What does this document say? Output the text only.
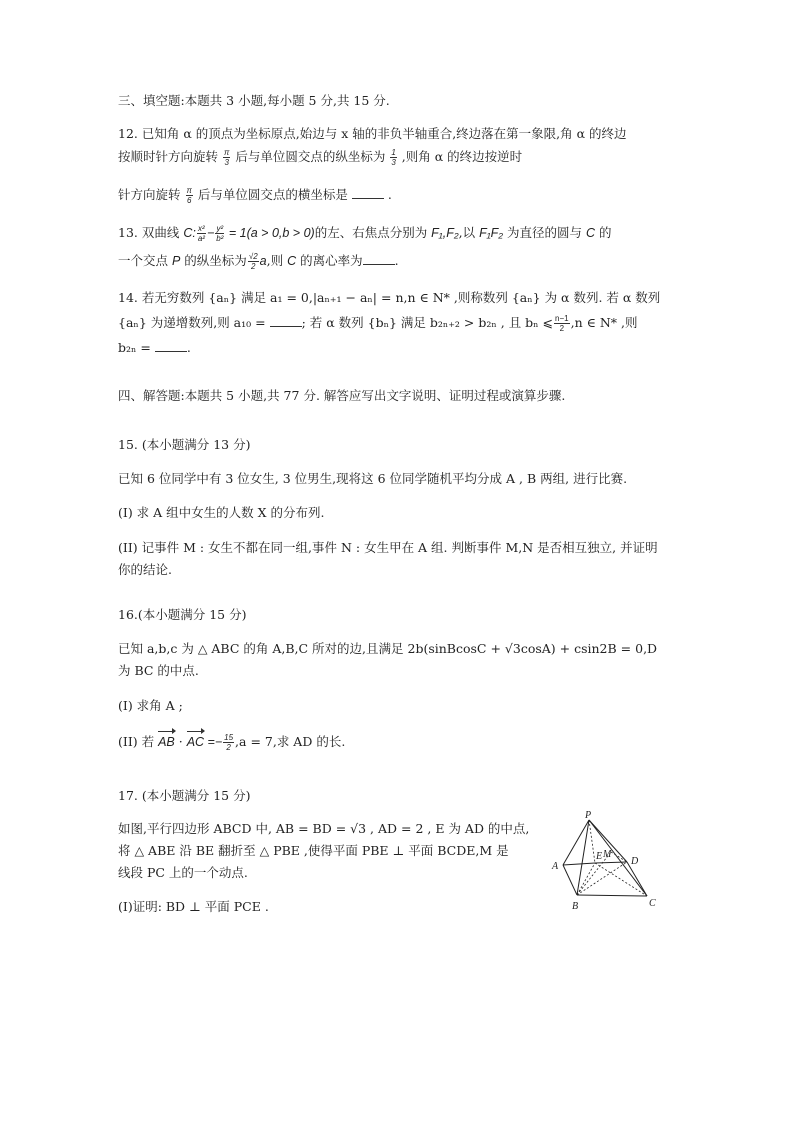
三、填空题:本题共 3 小题,每小题 5 分,共 15 分.
12. 已知角 α 的顶点为坐标原点,始边与 x 轴的非负半轴重合,终边落在第一象限,角 α 的终边
按顺时针方向旋转 $\frac{\pi}{3}$ 后与单位圆交点的纵坐标为 $\frac{1}{3}$ ,则角 α 的终边按逆时
针方向旋转 $\frac{\pi}{6}$ 后与单位圆交点的横坐标是	.
13. 双曲线 C: $\frac{\text{x²}}{\text{a²}} - \frac{\text{y²}}{\text{b²}} = 1(a > 0,b > 0)$的左、右焦点分别为 F₁,F₂,以 F₁F₂ 为直径的圆与 C 的
一个交点 P 的纵坐标为 $\frac{√2}{2} a$,则 C 的离心率为	.
14. 若无穷数列 {aₙ} 满足 a₁ = 0,|aₙ₊₁ − aₙ| = n,n ∈ N* ,则称数列 {aₙ} 为 α 数列. 若 α 数列
{aₙ} 为递增数列,则 a₁₀ =	; 若 α 数列 {bₙ} 满足 b₂ₙ₊₂ > b₂ₙ , 且 bₙ ⩽ $\frac{n-1}{2} ,n$ ∈ N* ,则
b₂ₙ =	.
四、解答题:本题共 5 小题,共 77 分. 解答应写出文字说明、证明过程或演算步骤.
15. (本小题满分 13 分)
已知 6 位同学中有 3 位女生, 3 位男生,现将这 6 位同学随机平均分成 A , B 两组, 进行比赛.
(I) 求 A 组中女生的人数 X 的分布列.
(II) 记事件 M : 女生不都在同一组,事件 N : 女生甲在 A 组. 判断事件 M,N 是否相互独立, 并证明
你的结论.
16.(本小题满分 15 分)
已知 a,b,c 为 △ ABC 的角 A,B,C 所对的边,且满足 2b(sinBcosC + √3cosA) + csin2B = 0,D
为 BC 的中点.
(I) 求角 A ;
(II) 若 AB · AC =− $\frac{15}{2} ,a = 7$,求 AD 的长.
17. (本小题满分 15 分)
如图,平行四边形 ABCD 中, AB = BD = √3 , AD = 2 , E 为 AD 的中点,
将 △ ABE 沿 BE 翻折至 △ PBE ,使得平面 PBE ⊥ 平面 BCDE,M 是
线段 PC 上的一个动点.
(I)证明: BD ⊥ 平面 PCE .
P
A
B	C
D
E M
